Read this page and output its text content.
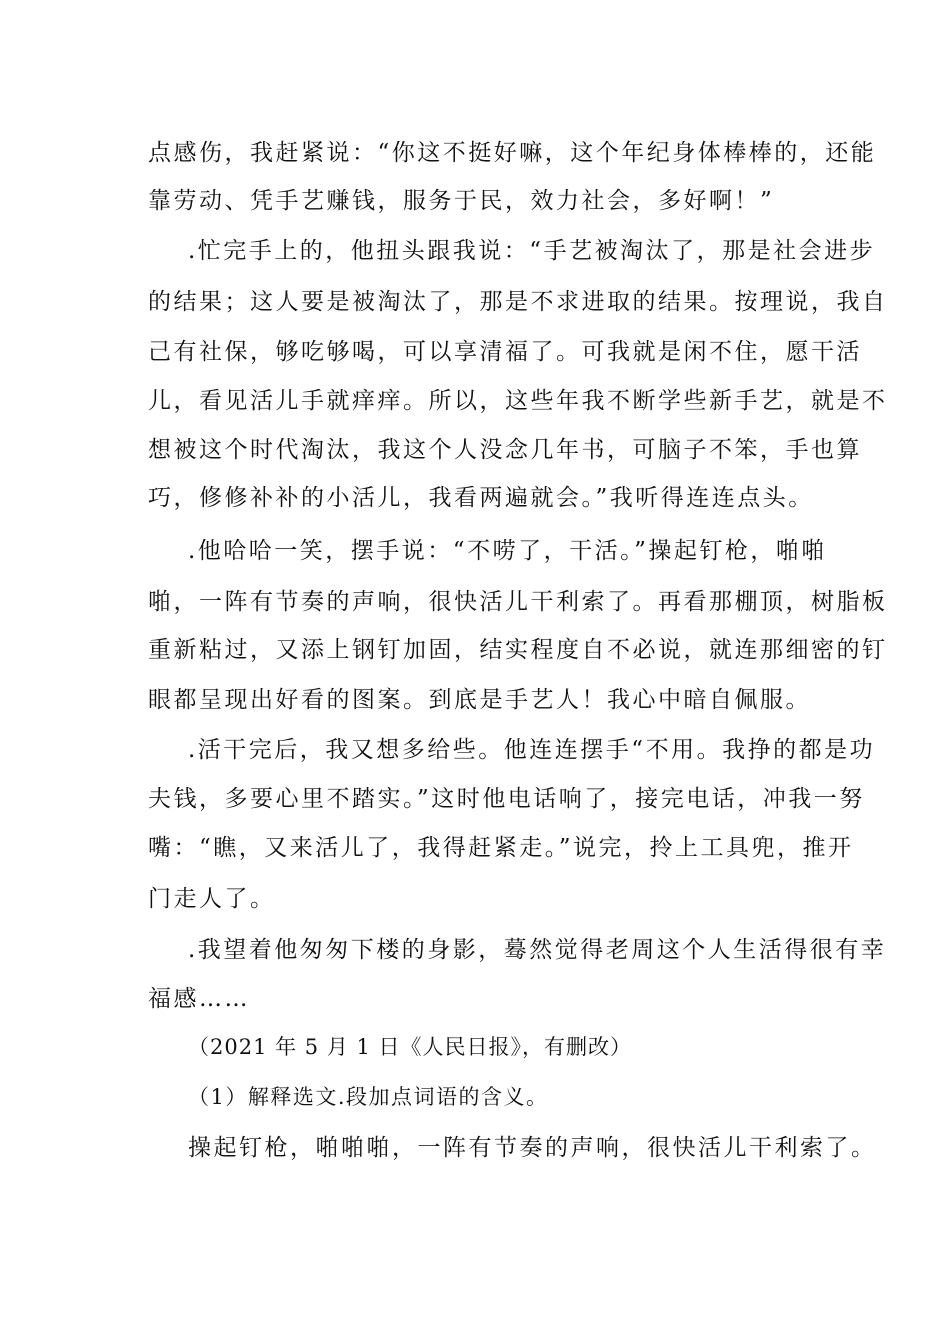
点感伤，我赶紧说：“你这不挺好嘛，这个年纪身体棒棒的，还能
靠劳动、凭手艺赚钱，服务于民，效力社会，多好啊！”
.忙完手上的，他扭头跟我说：“手艺被淘汰了，那是社会进步
的结果；这人要是被淘汰了，那是不求进取的结果。按理说，我自
己有社保，够吃够喝，可以享清福了。可我就是闲不住，愿干活
儿，看见活儿手就痒痒。所以，这些年我不断学些新手艺，就是不
想被这个时代淘汰，我这个人没念几年书，可脑子不笨，手也算
巧，修修补补的小活儿，我看两遍就会。”我听得连连点头。
.他哈哈一笑，摆手说：“不唠了，干活。”操起钉枪，啪啪
啪，一阵有节奏的声响，很快活儿干利索了。再看那棚顶，树脂板
重新粘过，又添上钢钉加固，结实程度自不必说，就连那细密的钉
眼都呈现出好看的图案。到底是手艺人！我心中暗自佩服。
.活干完后，我又想多给些。他连连摆手“不用。我挣的都是功
夫钱，多要心里不踏实。”这时他电话响了，接完电话，冲我一努
嘴：“瞧，又来活儿了，我得赶紧走。”说完，拎上工具兜，推开
门走人了。
.我望着他匆匆下楼的身影，蓦然觉得老周这个人生活得很有幸
福感……
（2021 年 5 月 1 日《人民日报》，有删改）
（1）解释选文.段加点词语的含义。
操起钉枪，啪啪啪，一阵有节奏的声响，很快活儿干利索了。
